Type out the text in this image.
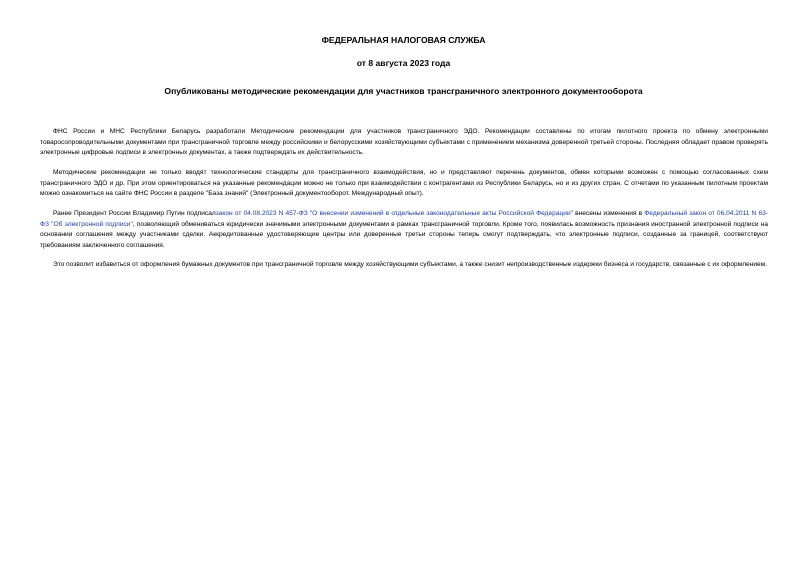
ФЕДЕРАЛЬНАЯ НАЛОГОВАЯ СЛУЖБА

от 8 августа 2023 года

Опубликованы методические рекомендации для участников трансграничного электронного документооборота

ФНС России и МНС Республики Беларусь разработали Методические рекомендации для участников трансграничного ЭДО. Рекомендации составлены по итогам пилотного проекта по обмену электронными товаросопроводительными документами при трансграничной торговле между российскими и белорусскими хозяйствующими субъектами с применением механизма доверенной третьей стороны. Последняя обладает правом проверять электронные цифровые подписи в электронных документах, а также подтверждать их действительность.

Методические рекомендации не только вводят технологические стандарты для трансграничного взаимодействия, но и представляют перечень документов, обмен которыми возможен с помощью согласованных схем трансграничного ЭДО и др. При этом ориентироваться на указанные рекомендации можно не только при взаимодействии с контрагентами из Республики Беларусь, но и из других стран. С отчетами по указанным пилотным проектам можно ознакомиться на сайте ФНС России в разделе "База знаний" (Электронный документооборот. Международный опыт).

Ранее Президент России Владимир Путин подписалзакон от 04.08.2023 N 457-ФЗ "О внесении изменений в отдельные законодательные акты Российской Федерации" внесены изменения в Федеральный закон от 06.04.2011 N 63-ФЗ "Об электронной подписи", позволяющий обмениваться юридически значимыми электронными документами в рамках трансграничной торговли. Кроме того, появилась возможность признания иностранной электронной подписи на основании соглашения между участниками сделки. Аккредитованные удостоверяющие центры или доверенные третьи стороны теперь смогут подтверждать, что электронные подписи, созданные за границей, соответствуют требованиям заключенного соглашения.

Это позволит избавиться от оформления бумажных документов при трансграничной торговле между хозяйствующими субъектами, а также снизит непроизводственные издержки бизнеса и государств, связанные с их оформлением.
